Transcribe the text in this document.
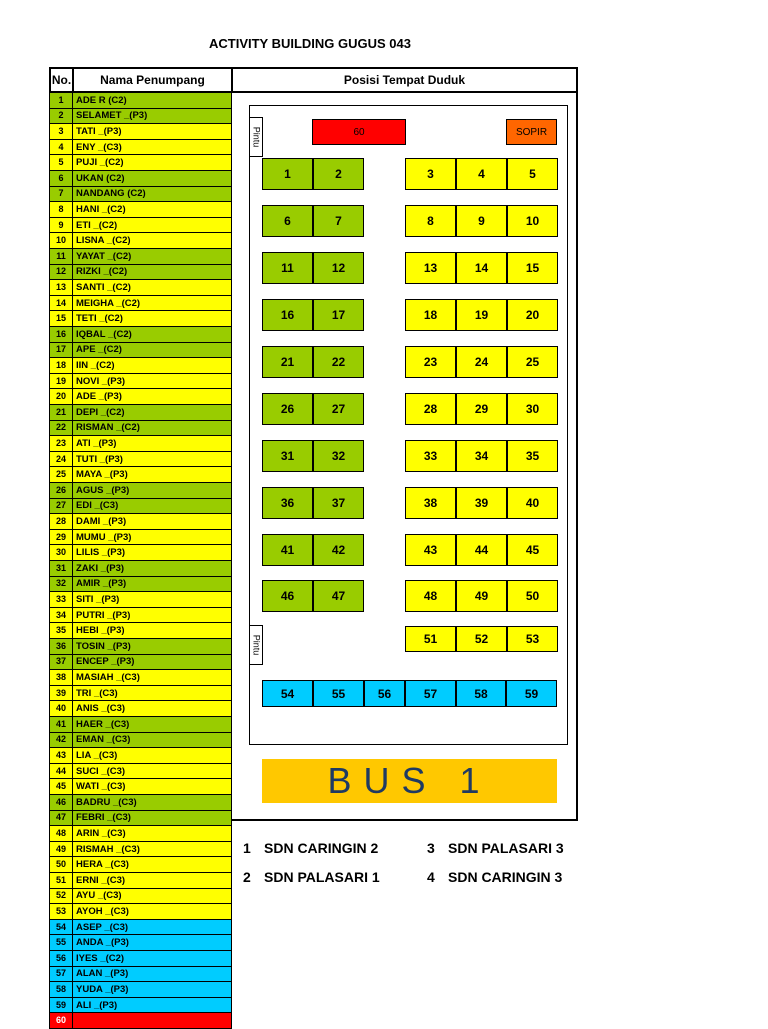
ACTIVITY BUILDING GUGUS 043
No.	Nama Penumpang	Posisi Tempat Duduk
1	ADE R (C2)
2	SELAMET _(P3)
3	TATI _(P3)
4	ENY _(C3)
5	PUJI _(C2)
6	UKAN (C2)
7	NANDANG (C2)
8	HANI _(C2)
9	ETI _(C2)
10	LISNA _(C2)
11	YAYAT _(C2)
12	RIZKI _(C2)
13	SANTI _(C2)
14	MEIGHA _(C2)
15	TETI _(C2)
16	IQBAL _(C2)
17	APE _(C2)
18	IIN _(C2)
19	NOVI _(P3)
20	ADE _(P3)
21	DEPI _(C2)
22	RISMAN _(C2)
23	ATI _(P3)
24	TUTI _(P3)
25	MAYA _(P3)
26	AGUS _(P3)
27	EDI _(C3)
28	DAMI _(P3)
29	MUMU _(P3)
30	LILIS _(P3)
31	ZAKI _(P3)
32	AMIR _(P3)
33	SITI _(P3)
34	PUTRI _(P3)
35	HEBI _(P3)
36	TOSIN _(P3)
37	ENCEP _(P3)
38	MASIAH _(C3)
39	TRI _(C3)
40	ANIS _(C3)
41	HAER _(C3)
42	EMAN _(C3)
43	LIA _(C3)
44	SUCI _(C3)
45	WATI _(C3)
46	BADRU _(C3)
47	FEBRI _(C3)
48	ARIN _(C3)
49	RISMAH _(C3)
50	HERA _(C3)
51	ERNI _(C3)
52	AYU _(C3)
53	AYOH _(C3)
54	ASEP _(C3)
55	ANDA _(P3)
56	IYES _(C2)
57	ALAN _(P3)
58	YUDA _(P3)
59	ALI _(P3)
60
Pintu
Pintu
60	SOPIR
1	2
6	7
11	12
16	17
21	22
26	27
31	32
36	37
41	42
46	47
3	4	5
8	9	10
13	14	15
18	19	20
23	24	25
28	29	30
33	34	35
38	39	40
43	44	45
48	49	50
51	52	53
54	55	56	57	58	59
BUS 1
1 SDN CARINGIN 2
2 SDN PALASARI 1
3 SDN PALASARI 3
4 SDN CARINGIN 3
